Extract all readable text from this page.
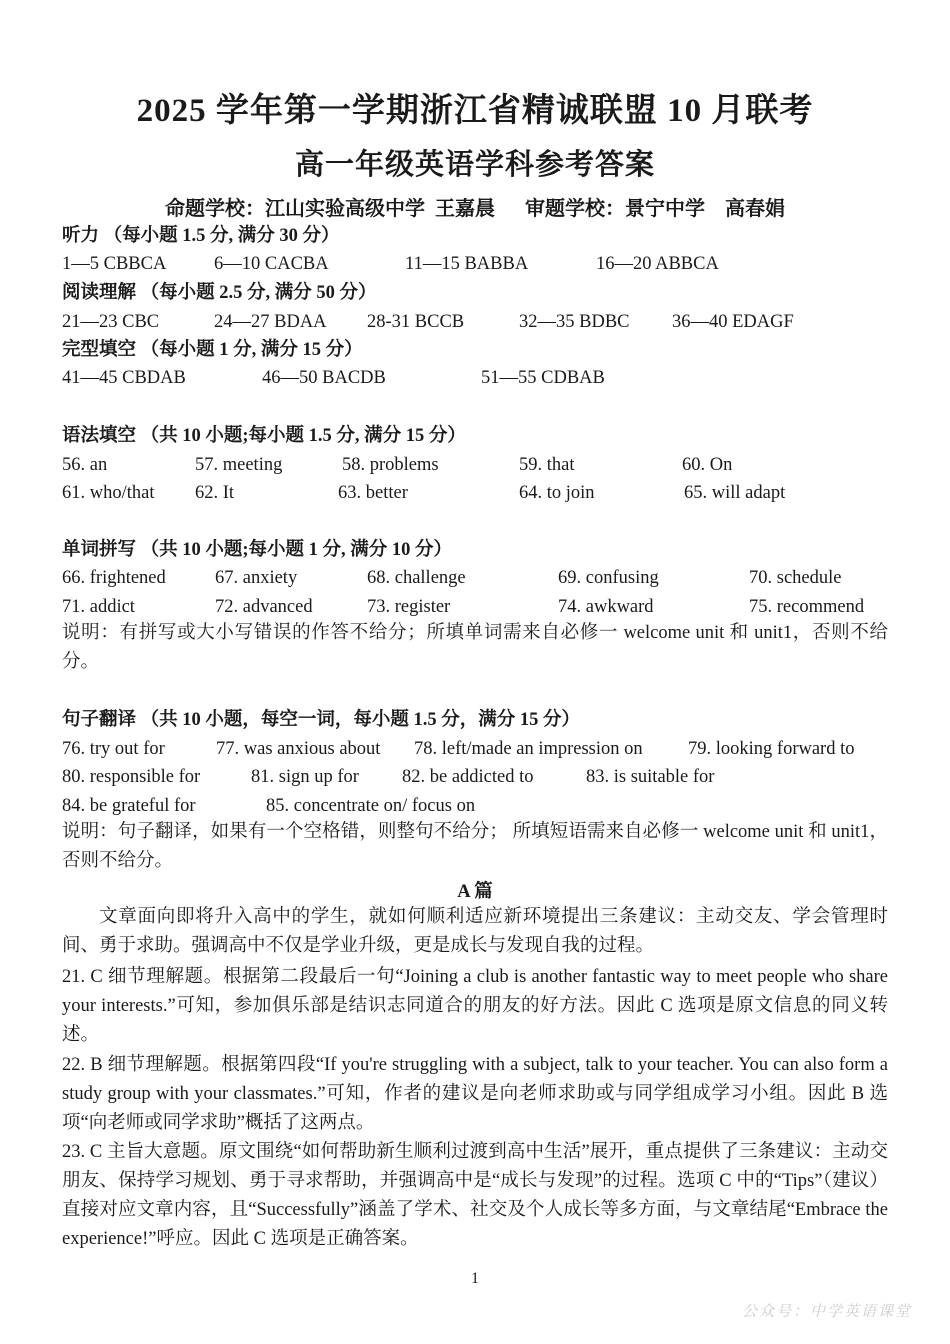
2025 学年第一学期浙江省精诚联盟 10 月联考
高一年级英语学科参考答案
命题学校：江山实验高级中学  王嘉晨      审题学校：景宁中学    高春娟
听力 （每小题 1.5 分, 满分 30 分）
1—5 CBBCA	6—10 CACBA	11—15 BABBA	16—20 ABBCA
阅读理解 （每小题 2.5 分, 满分 50 分）
21—23 CBC	24—27 BDAA 28-31 BCCB	32—35 BDBC 36—40 EDAGF
完型填空 （每小题 1 分, 满分 15 分）
41—45 CBDAB	46—50 BACDB	51—55 CDBAB
语法填空 （共 10 小题;每小题 1.5 分, 满分 15 分）
56. an	57. meeting	58. problems	59. that	60. On
61. who/that 62. It	63. better	64. to join	65. will adapt
单词拼写 （共 10 小题;每小题 1 分, 满分 10 分）
66. frightened	67. anxiety	68. challenge	69. confusing	70. schedule
71. addict	72. advanced	73. register	74. awkward	75. recommend
说明：有拼写或大小写错误的作答不给分；所填单词需来自必修一 welcome unit 和 unit1，否则不给分。
句子翻译 （共 10 小题，每空一词，每小题 1.5 分，满分 15 分）
76. try out for	77. was anxious about 78. left/made an impression on 79. looking forward to
80. responsible for	81. sign up for 82. be addicted to	83. is suitable for
84. be grateful for	85. concentrate on/ focus on
说明：句子翻译，如果有一个空格错，则整句不给分； 所填短语需来自必修一 welcome unit 和 unit1，否则不给分。
A 篇
文章面向即将升入高中的学生，就如何顺利适应新环境提出三条建议：主动交友、学会管理时间、勇于求助。强调高中不仅是学业升级，更是成长与发现自我的过程。
21. C 细节理解题。根据第二段最后一句“Joining a club is another fantastic way to meet people who share your interests.”可知，参加俱乐部是结识志同道合的朋友的好方法。因此 C 选项是原文信息的同义转述。
22. B 细节理解题。根据第四段“If you're struggling with a subject, talk to your teacher. You can also form a study group with your classmates.”可知，作者的建议是向老师求助或与同学组成学习小组。因此 B 选项“向老师或同学求助”概括了这两点。
23. C 主旨大意题。原文围绕“如何帮助新生顺利过渡到高中生活”展开，重点提供了三条建议：主动交朋友、保持学习规划、勇于寻求帮助，并强调高中是“成长与发现”的过程。选项 C 中的“Tips”（建议）直接对应文章内容，且“Successfully”涵盖了学术、社交及个人成长等多方面，与文章结尾“Embrace the experience!”呼应。因此 C 选项是正确答案。
1
公众号：中学英语课堂
